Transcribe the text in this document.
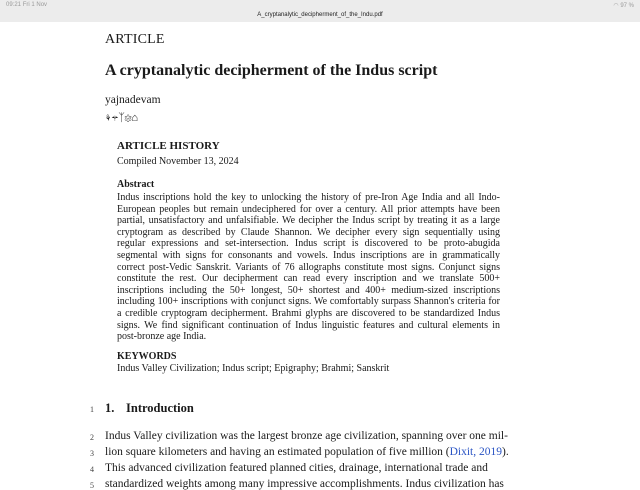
09:21 Fri 1 Nov	◠ 97 %
A_cryptanalytic_decipherment_of_the_Indu.pdf
ARTICLE
A cryptanalytic decipherment of the Indus script
yajnadevam
⚘⚚ᛉ⚛⌂
ARTICLE HISTORY
Compiled November 13, 2024
Abstract
Indus inscriptions hold the key to unlocking the history of pre-Iron Age India and all Indo-European peoples but remain undeciphered for over a century. All prior attempts have been partial, unsatisfactory and unfalsifiable. We decipher the Indus script by treating it as a large cryptogram as described by Claude Shannon. We decipher every sign sequentially using regular expressions and set-intersection. Indus script is discovered to be proto-abugida segmental with signs for consonants and vowels. Indus inscriptions are in grammatically correct post-Vedic Sanskrit. Variants of 76 allographs constitute most signs. Conjunct signs constitute the rest. Our decipherment can read every inscription and we translate 500+ inscriptions including the 50+ longest, 50+ shortest and 400+ medium-sized inscriptions including 100+ inscriptions with conjunct signs. We comfortably surpass Shannon's criteria for a credible cryptogram decipherment. Brahmi glyphs are discovered to be standardized Indus signs. We find significant continuation of Indus linguistic features and cultural elements in post-bronze age India.
KEYWORDS
Indus Valley Civilization; Indus script; Epigraphy; Brahmi; Sanskrit
1 1. Introduction
2 Indus Valley civilization was the largest bronze age civilization, spanning over one mil-
3 lion square kilometers and having an estimated population of five million (Dixit, 2019).
4 This advanced civilization featured planned cities, drainage, international trade and
5 standardized weights among many impressive accomplishments. Indus civilization has
